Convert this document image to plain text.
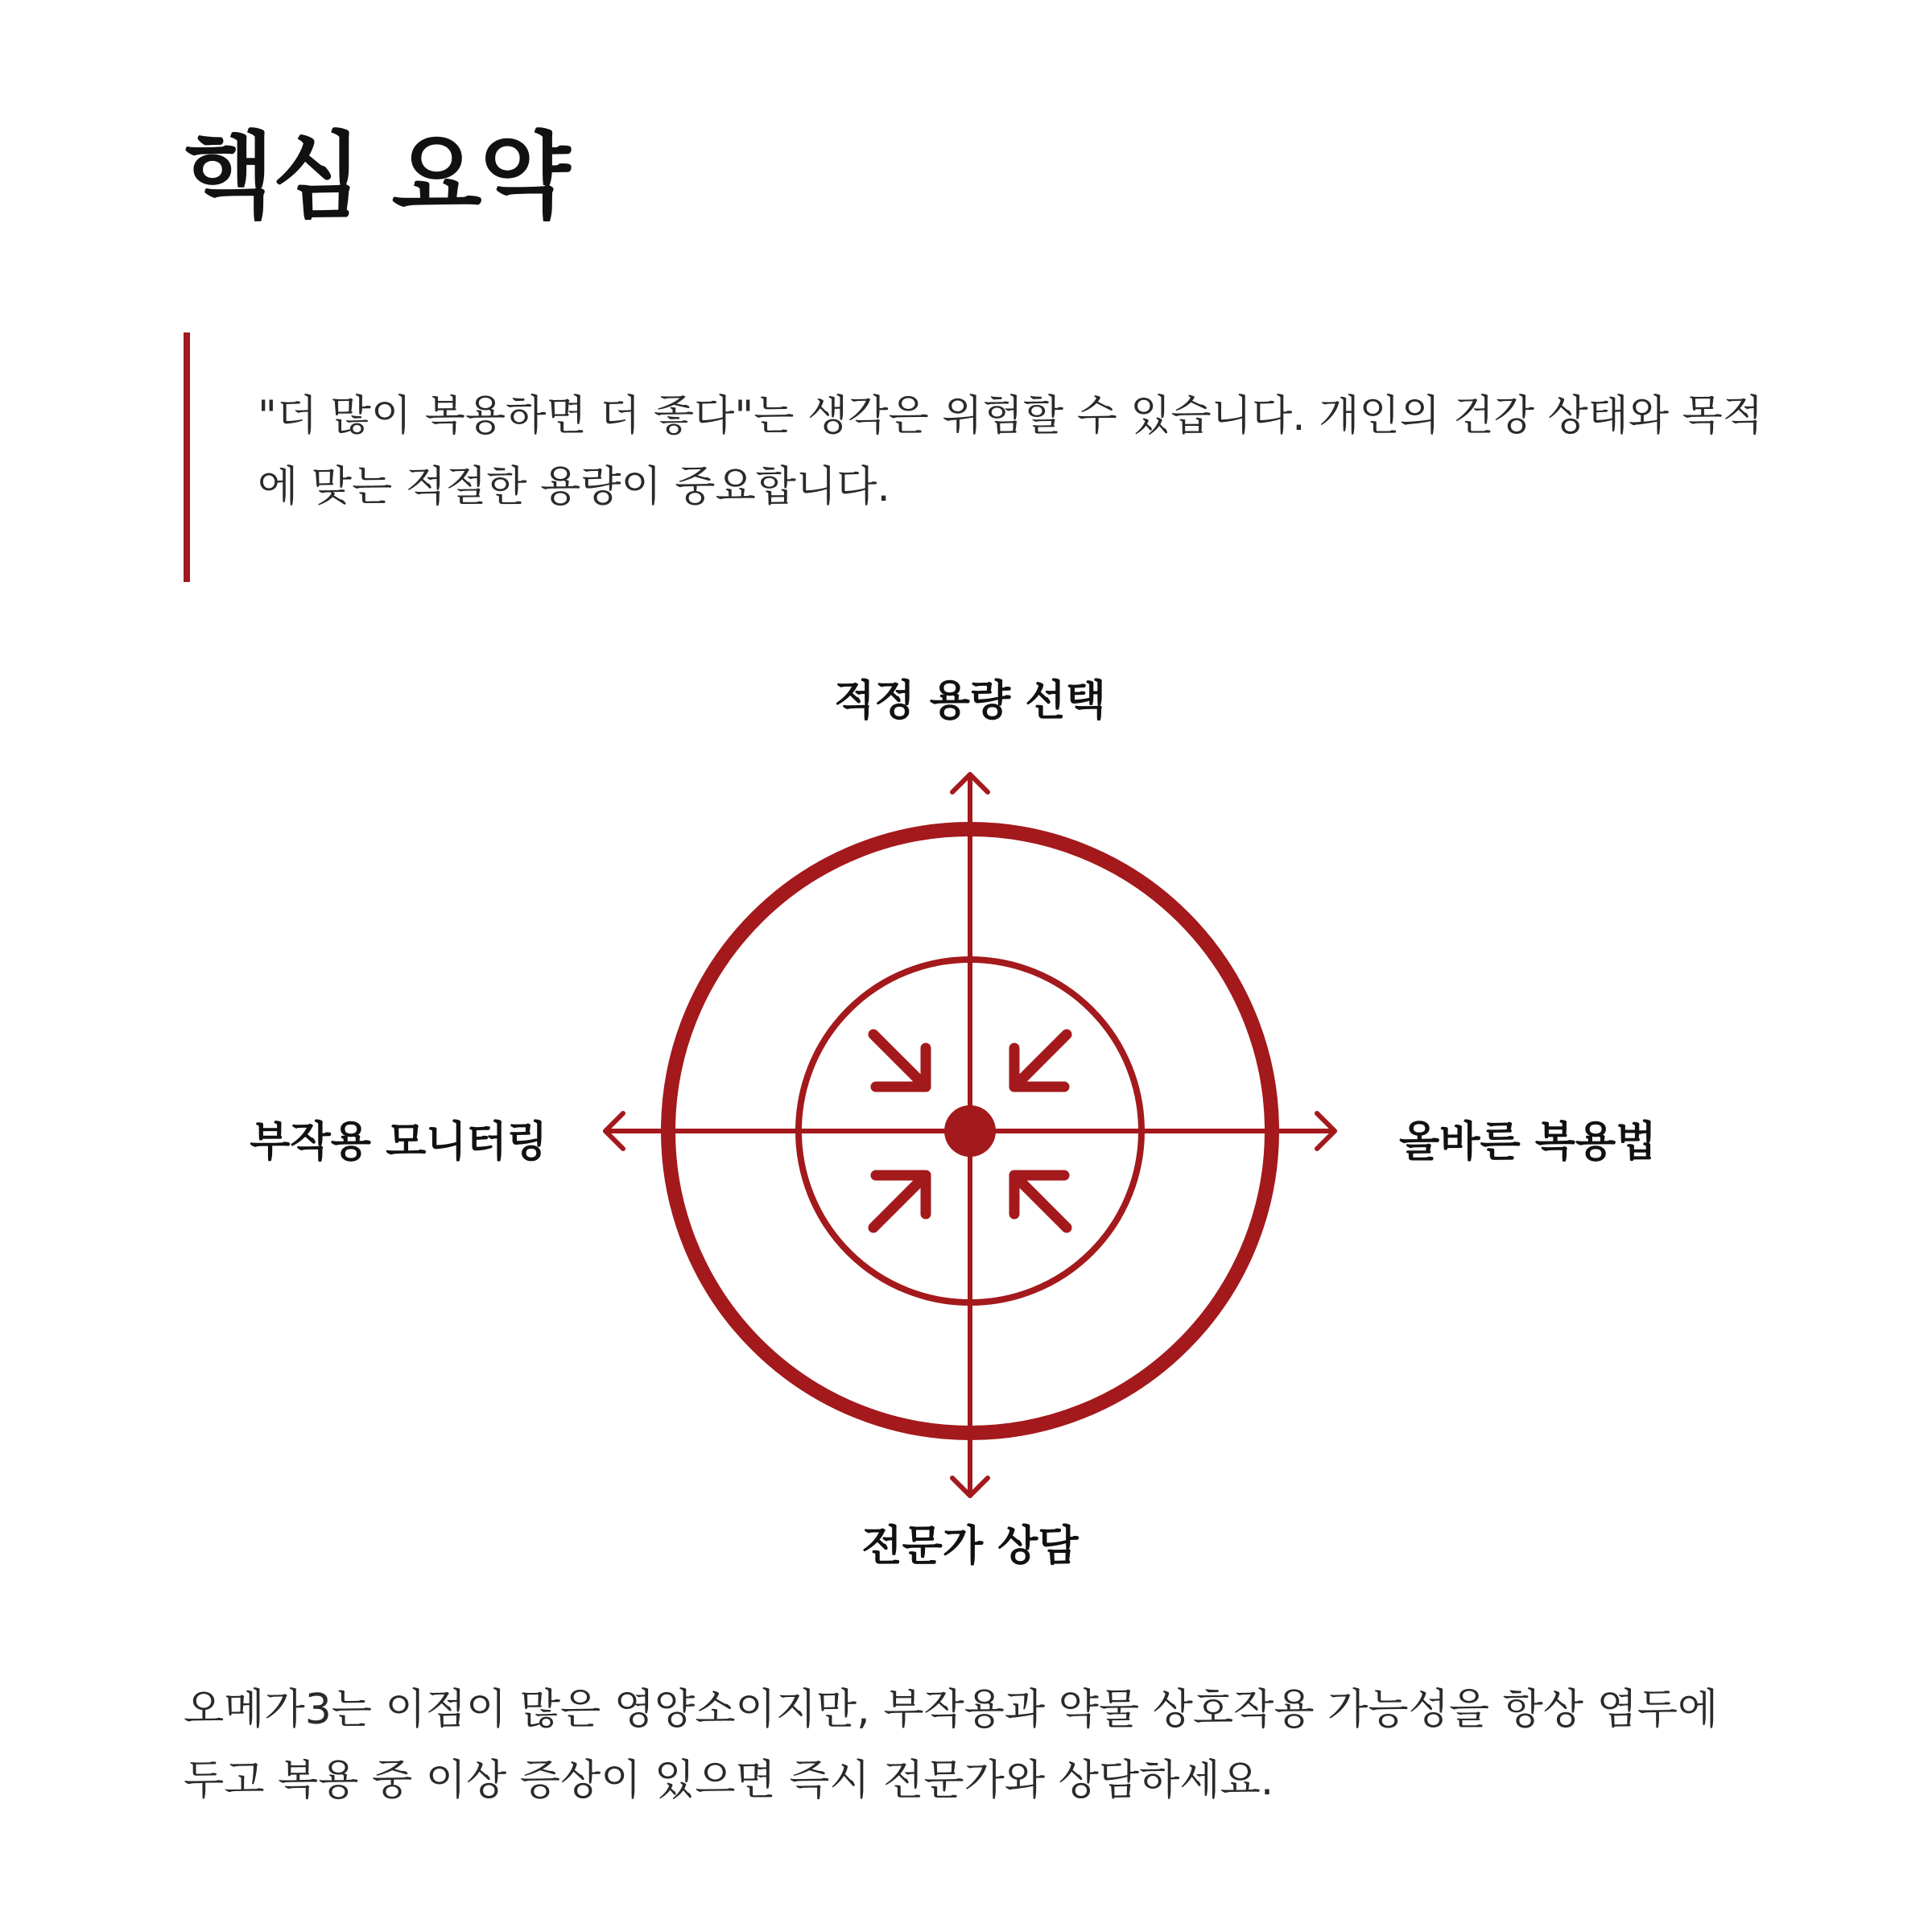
핵심 요약

"더 많이 복용하면 더 좋다"는 생각은 위험할 수 있습니다. 개인의 건강 상태와 목적에 맞는 적절한 용량이 중요합니다.

적정 용량 선택
올바른 복용법
전문가 상담
부작용 모니터링

오메가3는 이점이 많은 영양소이지만, 부작용과 약물 상호작용 가능성을 항상 염두에 두고 복용 중 이상 증상이 있으면 즉시 전문가와 상담하세요.
